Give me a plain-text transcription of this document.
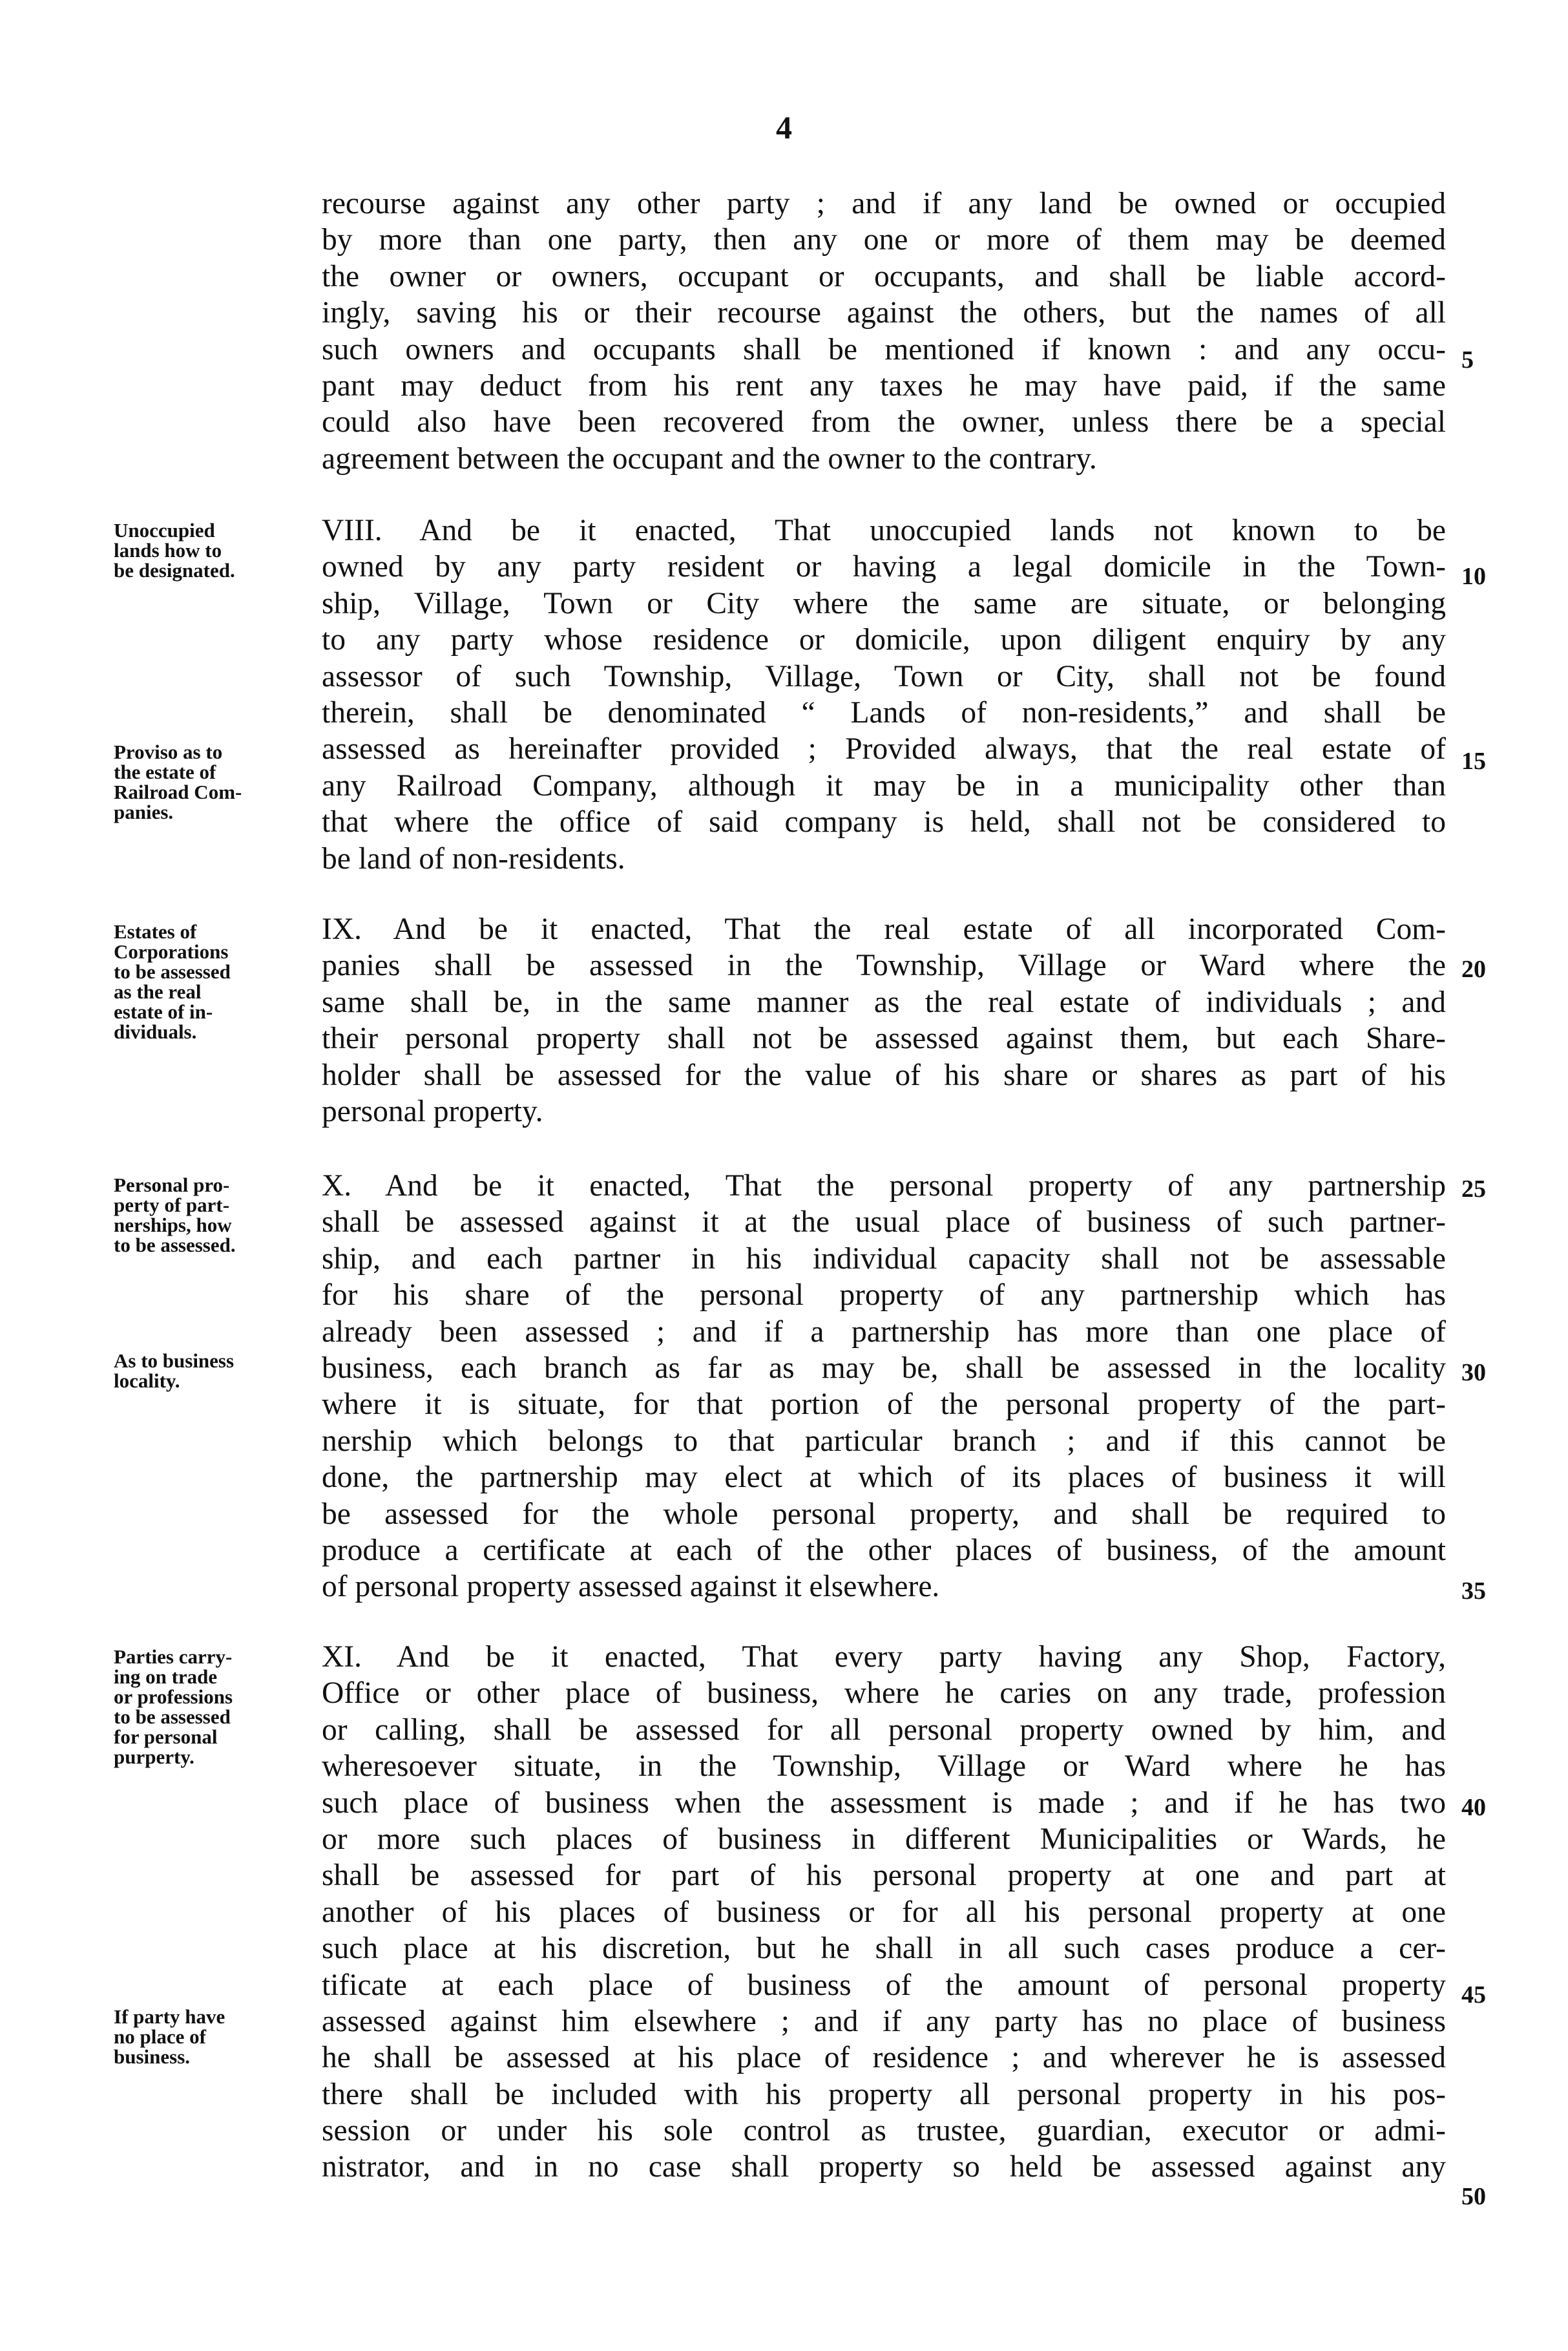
4
recourse against any other party ; and if any land be owned or occupied
by more than one party, then any one or more of them may be deemed
the owner or owners, occupant or occupants, and shall be liable accord-
ingly, saving his or their recourse against the others, but the names of all
such owners and occupants shall be mentioned if known : and any occu-
pant may deduct from his rent any taxes he may have paid, if the same
could also have been recovered from the owner, unless there be a special
agreement between the occupant and the owner to the contrary.
VIII. And be it enacted, That unoccupied lands not known to be
owned by any party resident or having a legal domicile in the Town-
ship, Village, Town or City where the same are situate, or belonging
to any party whose residence or domicile, upon diligent enquiry by any
assessor of such Township, Village, Town or City, shall not be found
therein, shall be denominated “ Lands of non-residents,” and shall be
assessed as hereinafter provided ; Provided always, that the real estate of
any Railroad Company, although it may be in a municipality other than
that where the office of said company is held, shall not be considered to
be land of non-residents.
IX. And be it enacted, That the real estate of all incorporated Com-
panies shall be assessed in the Township, Village or Ward where the
same shall be, in the same manner as the real estate of individuals ; and
their personal property shall not be assessed against them, but each Share-
holder shall be assessed for the value of his share or shares as part of his
personal property.
X. And be it enacted, That the personal property of any partnership
shall be assessed against it at the usual place of business of such partner-
ship, and each partner in his individual capacity shall not be assessable
for his share of the personal property of any partnership which has
already been assessed ; and if a partnership has more than one place of
business, each branch as far as may be, shall be assessed in the locality
where it is situate, for that portion of the personal property of the part-
nership which belongs to that particular branch ; and if this cannot be
done, the partnership may elect at which of its places of business it will
be assessed for the whole personal property, and shall be required to
produce a certificate at each of the other places of business, of the amount
of personal property assessed against it elsewhere.
XI. And be it enacted, That every party having any Shop, Factory,
Office or other place of business, where he caries on any trade, profession
or calling, shall be assessed for all personal property owned by him, and
wheresoever situate, in the Township, Village or Ward where he has
such place of business when the assessment is made ; and if he has two
or more such places of business in different Municipalities or Wards, he
shall be assessed for part of his personal property at one and part at
another of his places of business or for all his personal property at one
such place at his discretion, but he shall in all such cases produce a cer-
tificate at each place of business of the amount of personal property
assessed against him elsewhere ; and if any party has no place of business
he shall be assessed at his place of residence ; and wherever he is assessed
there shall be included with his property all personal property in his pos-
session or under his sole control as trustee, guardian, executor or admi-
nistrator, and in no case shall property so held be assessed against any
Unoccupied
lands how to
be designated.
Proviso as to
the estate of
Railroad Com-
panies.
Estates of
Corporations
to be assessed
as the real
estate of in-
dividuals.
Personal pro-
perty of part-
nerships, how
to be assessed.
As to business
locality.
Parties carry-
ing on trade
or professions
to be assessed
for personal
purperty.
If party have
no place of
business.
5
10
15
20
25
30
35
40
45
50
